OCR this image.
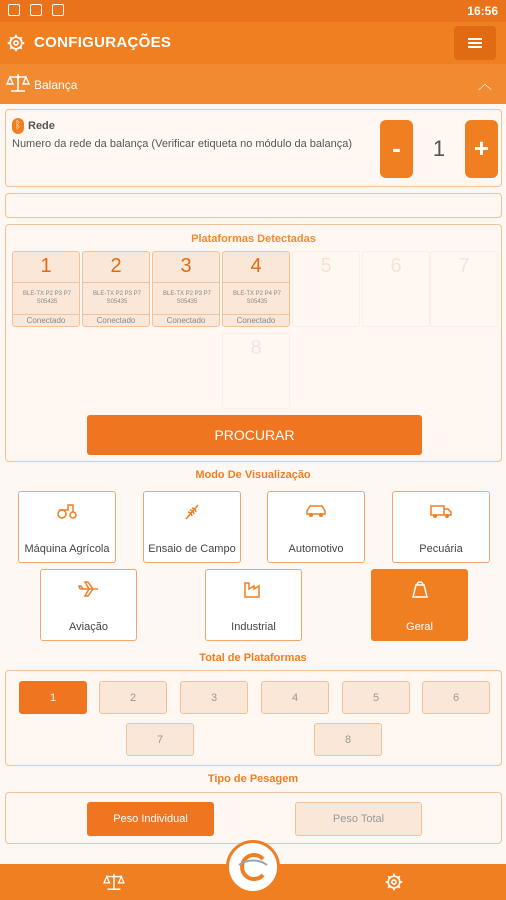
16:56
CONFIGURAÇÕES
Balança	︿
ᛒ Rede
Numero da rede da balança (Verificar etiqueta no módulo da balança)	-	1	+
Plataformas Detectadas
1
BLE-TX P2 P3 P7 S05435
Conectado
2
BLE-TX P2 P3 P7 S05435
Conectado
3
BLE-TX P2 P3 P7 S05435
Conectado
4
BLE-TX P2 P4 P7 S05435
Conectado
5	6	7
8
PROCURAR
Modo De Visualização
Máquina Agrícola	Ensaio de Campo	Automotivo	Pecuária
Aviação	Industrial	Geral
Total de Plataformas
1	2	3	4	5	6
7	8
Tipo de Pesagem
Peso Individual	Peso Total
